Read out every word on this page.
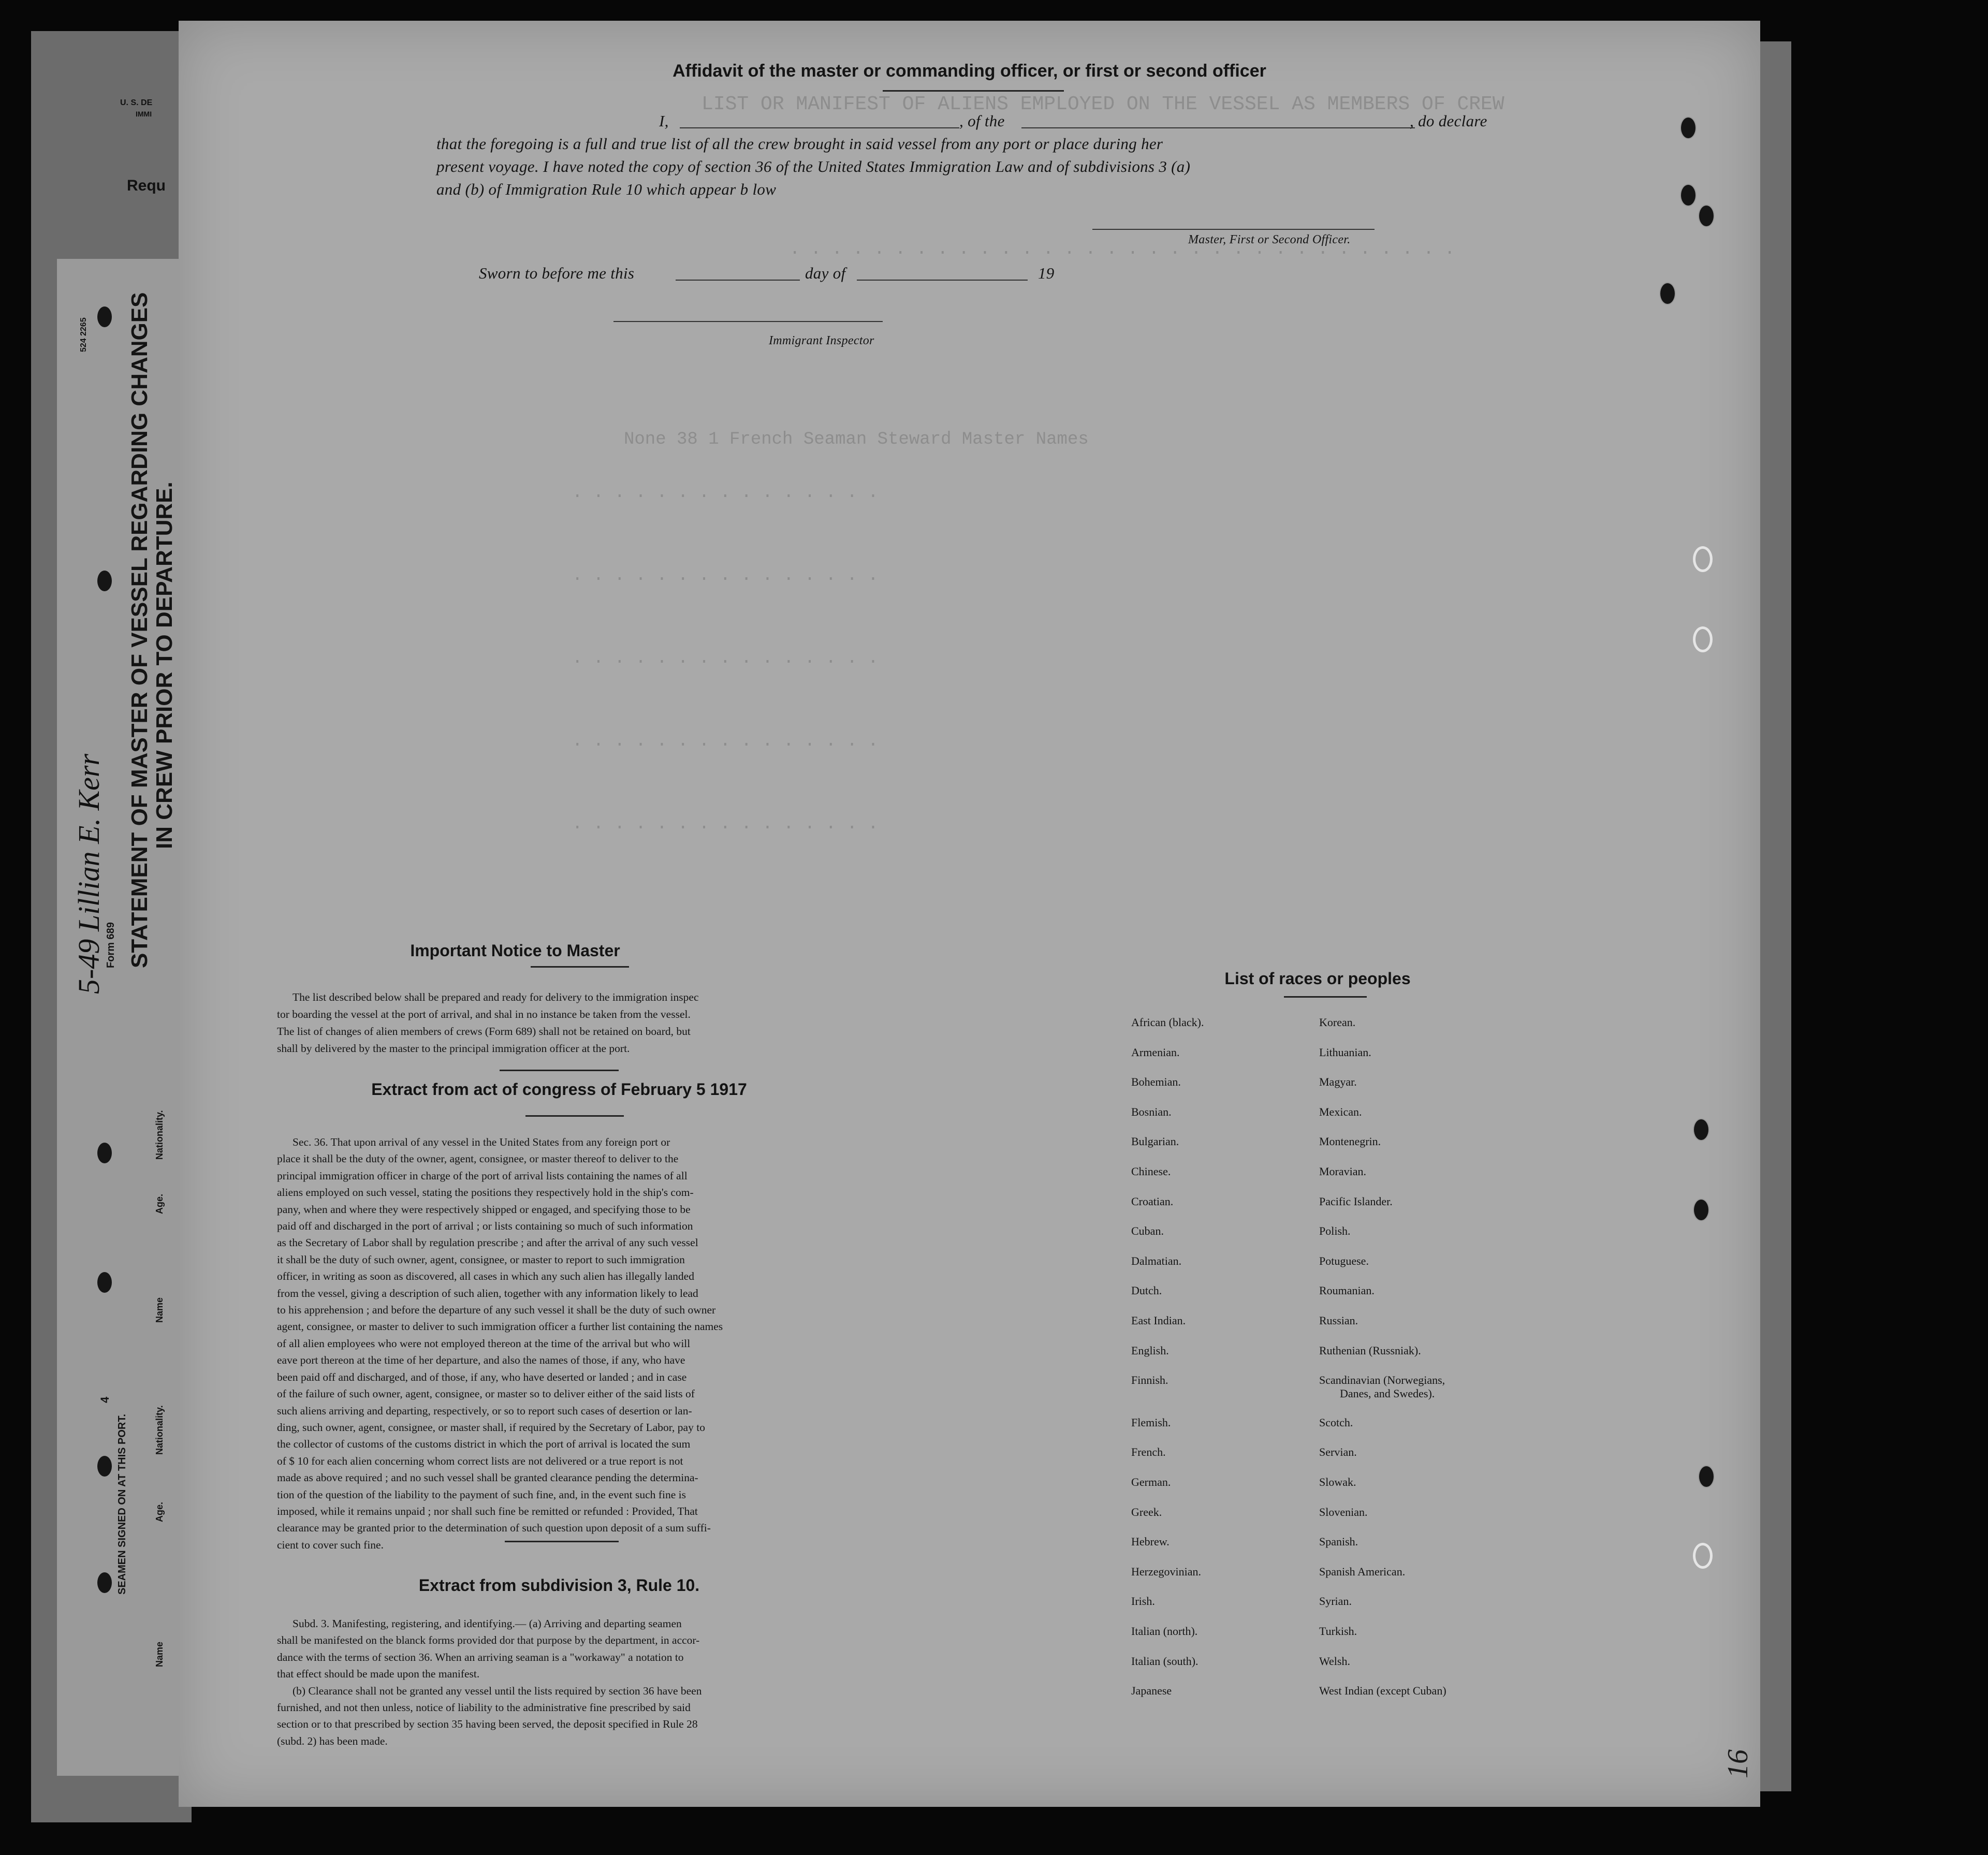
U. S. DE
IMMI
Requ
STATEMENT OF MASTER OF VESSEL REGARDING CHANGES IN CREW PRIOR TO DEPARTURE.
Form 689
524 2265
5-49 Lillian E. Kerr
SEAMEN SIGNED ON AT THIS PORT.
4
Nationality.
Age.
Name
Nationality.
Age.
Name
LIST OR MANIFEST OF ALIENS EMPLOYED ON THE VESSEL AS MEMBERS OF CREW
· · · · · · · · · · · · · · · · · · · · · · · · · · · · · · · ·
None 38 1 French Seaman Steward Master Names
· · · · · · · · · · · · · · ·
· · · · · · · · · · · · · · ·
· · · · · · · · · · · · · · ·
· · · · · · · · · · · · · · ·
· · · · · · · · · · · · · · ·
Affidavit of the master or commanding officer, or first or second officer
I,	, of the	, do declare
that the foregoing is a full and true list of all the crew brought in said vessel from any port or place during her
present voyage. I have noted the copy of section 36 of the United States Immigration Law and of subdivisions 3 (a)
and (b) of Immigration Rule 10 which appear b low
Master, First or Second Officer.
Sworn to before me this	day of	19
Immigrant Inspector
Important Notice to Master
The list described below shall be prepared and ready for delivery to the immigration inspec
tor boarding the vessel at the port of arrival, and shal in no instance be taken from the vessel.
The list of changes of alien members of crews (Form 689) shall not be retained on board, but
shall by delivered by the master to the principal immigration officer at the port.
Extract from act of congress of February 5 1917
Sec. 36. That upon arrival of any vessel in the United States from any foreign port or
place it shall be the duty of the owner, agent, consignee, or master thereof to deliver to the
principal immigration officer in charge of the port of arrival lists containing the names of all
aliens employed on such vessel, stating the positions they respectively hold in the ship's com-
pany, when and where they were respectively shipped or engaged, and specifying those to be
paid off and discharged in the port of arrival ; or lists containing so much of such information
as the Secretary of Labor shall by regulation prescribe ; and after the arrival of any such vessel
it shall be the duty of such owner, agent, consignee, or master to report to such immigration
officer, in writing as soon as discovered, all cases in which any such alien has illegally landed
from the vessel, giving a description of such alien, together with any information likely to lead
to his apprehension ; and before the departure of any such vessel it shall be the duty of such owner
agent, consignee, or master to deliver to such immigration officer a further list containing the names
of all alien employees who were not employed thereon at the time of the arrival but who will
eave port thereon at the time of her departure, and also the names of those, if any, who have
been paid off and discharged, and of those, if any, who have deserted or landed ; and in case
of the failure of such owner, agent, consignee, or master so to deliver either of the said lists of
such aliens arriving and departing, respectively, or so to report such cases of desertion or lan-
ding, such owner, agent, consignee, or master shall, if required by the Secretary of Labor, pay to
the collector of customs of the customs district in which the port of arrival is located the sum
of $ 10 for each alien concerning whom correct lists are not delivered or a true report is not
made as above required ; and no such vessel shall be granted clearance pending the determina-
tion of the question of the liability to the payment of such fine, and, in the event such fine is
imposed, while it remains unpaid ; nor shall such fine be remitted or refunded : Provided, That
clearance may be granted prior to the determination of such question upon deposit of a sum suffi-
cient to cover such fine.
Extract from subdivision 3, Rule 10.
Subd. 3. Manifesting, registering, and identifying.— (a) Arriving and departing seamen
shall be manifested on the blanck forms provided dor that purpose by the department, in accor-
dance with the terms of section 36. When an arriving seaman is a "workaway" a notation to
that effect should be made upon the manifest.
(b) Clearance shall not be granted any vessel until the lists required by section 36 have been
furnished, and not then unless, notice of liability to the administrative fine prescribed by said
section or to that prescribed by section 35 having been served, the deposit specified in Rule 28
(subd. 2) has been made.
List of races or peoples
African (black).
Armenian.
Bohemian.
Bosnian.
Bulgarian.
Chinese.
Croatian.
Cuban.
Dalmatian.
Dutch.
East Indian.
English.
Finnish.
Flemish.
French.
German.
Greek.
Hebrew.
Herzegovinian.
Irish.
Italian (north).
Italian (south).
Japanese
Korean.
Lithuanian.
Magyar.
Mexican.
Montenegrin.
Moravian.
Pacific Islander.
Polish.
Potuguese.
Roumanian.
Russian.
Ruthenian (Russniak).
Scandinavian (Norwegians,
Scotch.
Servian.
Slowak.
Slovenian.
Spanish.
Spanish American.
Syrian.
Turkish.
Welsh.
West Indian (except Cuban)
Danes, and Swedes).
16
